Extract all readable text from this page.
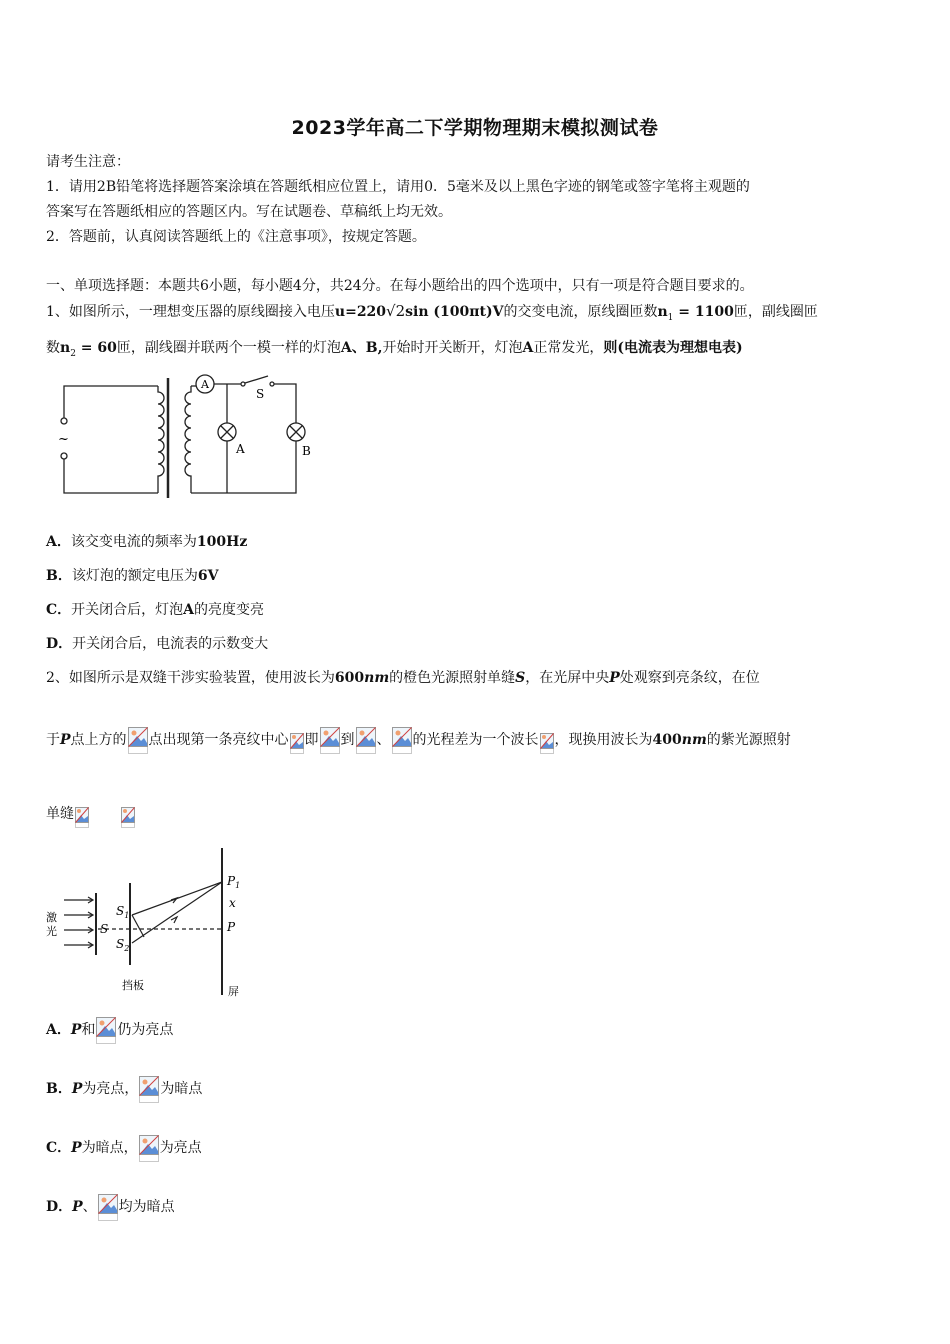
2023学年高二下学期物理期末模拟测试卷
请考生注意：
1．请用2B铅笔将选择题答案涂填在答题纸相应位置上，请用0．5毫米及以上黑色字迹的钢笔或签字笔将主观题的
答案写在答题纸相应的答题区内。写在试题卷、草稿纸上均无效。
2．答题前，认真阅读答题纸上的《注意事项》，按规定答题。
一、单项选择题：本题共6小题，每小题4分，共24分。在每小题给出的四个选项中，只有一项是符合题目要求的。
1、如图所示，一理想变压器的原线圈接入电压u=220√2sin (100πt)V的交变电流，原线圈匝数$n_1 = 1100$匝，副线圈匝
数$n_2 = 60$匝，副线圈并联两个一模一样的灯泡A、B,开始时开关断开，灯泡A正常发光，则(电流表为理想电表)
A
S
A	B
~
A．该交变电流的频率为100Hz
B．该灯泡的额定电压为6V
C．开关闭合后，灯泡A的亮度变亮
D．开关闭合后，电流表的示数变大
2、如图所示是双缝干涉实验装置，使用波长为600nm的橙色光源照射单缝S，在光屏中央P处观察到亮条纹，在位
于P点上方的 点出现第一条亮纹中心 即 到 、 的光程差为一个波长 ，现换用波长为400nm的紫光源照射
单缝
激
光	S
$S_1$
$S_2$
$P_1$
x
P
挡板	屏
A．P和 仍为亮点
B．P为亮点， 为暗点
C．P为暗点， 为亮点
D．P、 均为暗点
